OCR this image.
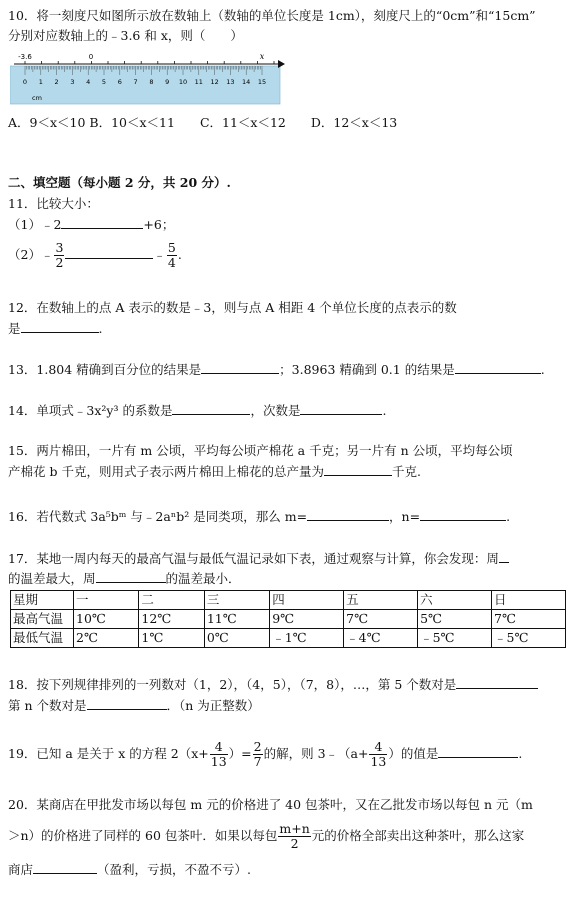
10．将一刻度尺如图所示放在数轴上（数轴的单位长度是 1cm），刻度尺上的“0cm”和“15cm”
分别对应数轴上的﹣3.6 和 x，则（　　）
-3.6	0	x
0 1 2 3 4 5 6 7 8 9 10 11 12 13 14 15
cm
A．9＜x＜10 B．10＜x＜11　　C．11＜x＜12　　D．12＜x＜13
二、填空题（每小题 2 分，共 20 分）.
11．比较大小：
（1）﹣2	+6；
（2）﹣ $\frac{3}{2}$	﹣ $\frac{5}{4}$ .
12．在数轴上的点 A 表示的数是﹣3，则与点 A 相距 4 个单位长度的点表示的数
是	.
13．1.804 精确到百分位的结果是	；3.8963 精确到 0.1 的结果是	.
14．单项式﹣3x²y³ 的系数是	，次数是	.
15．两片棉田，一片有 m 公顷，平均每公顷产棉花 a 千克；另一片有 n 公顷，平均每公顷
产棉花 b 千克，则用式子表示两片棉田上棉花的总产量为	千克.
16．若代数式 3a⁵bᵐ 与﹣2aⁿb² 是同类项，那么 m=	，n=	.
17．某地一周内每天的最高气温与最低气温记录如下表，通过观察与计算，你会发现：周
的温差最大，周	的温差最小．
星期	一	二	三	四	五	六	日
最高气温	10℃	12℃	11℃	9℃	7℃	5℃	7℃
最低气温	2℃	1℃	0℃	﹣1℃	﹣4℃	﹣5℃	﹣5℃
18．按下列规律排列的一列数对（1，2），（4，5），（7，8），…，第 5 个数对是
第 n 个数对是	．（n 为正整数）
19．已知 a 是关于 x 的方程 $2(x+ \frac{4}{13}$ ）= $\frac{2}{7}$ 的解，则 3﹣（a+ $\frac{4}{13}$ ）的值是	.
20．某商店在甲批发市场以每包 m 元的价格进了 40 包茶叶，又在乙批发市场以每包 n 元（m
＞n）的价格进了同样的 60 包茶叶．如果以每包 $\frac{m+n}{2}$ 元的价格全部卖出这种茶叶，那么这家
商店	（盈利，亏损，不盈不亏）.
